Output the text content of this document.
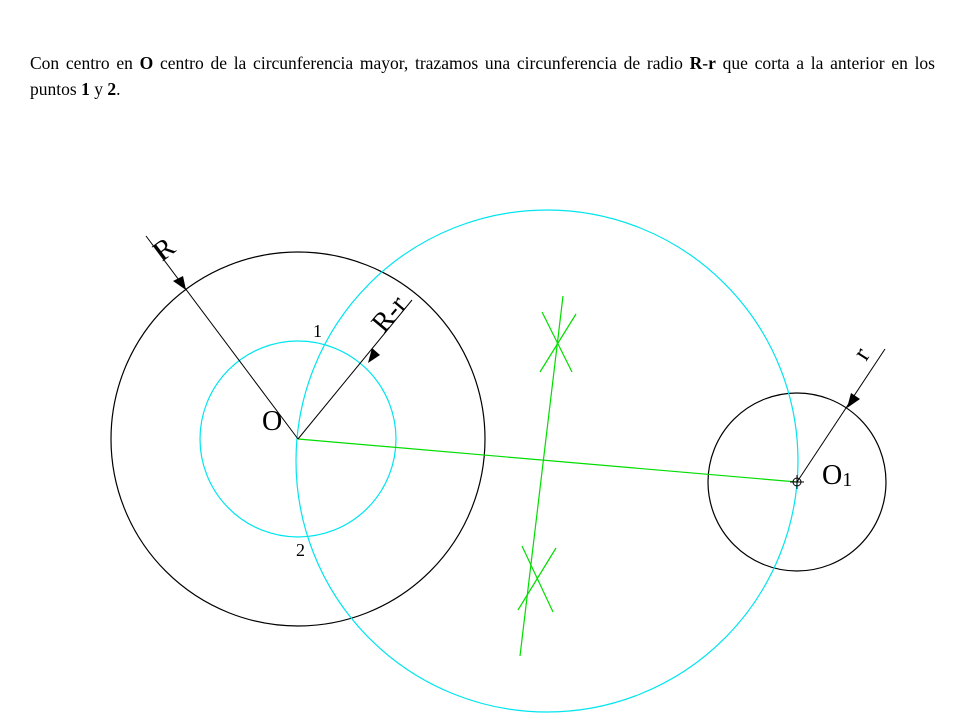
Con centro en O centro de la circunferencia mayor, trazamos una circunferencia de radio R-r que corta a la anterior en los puntos 1 y 2.

R
R-r
r
O
O1
1
2
